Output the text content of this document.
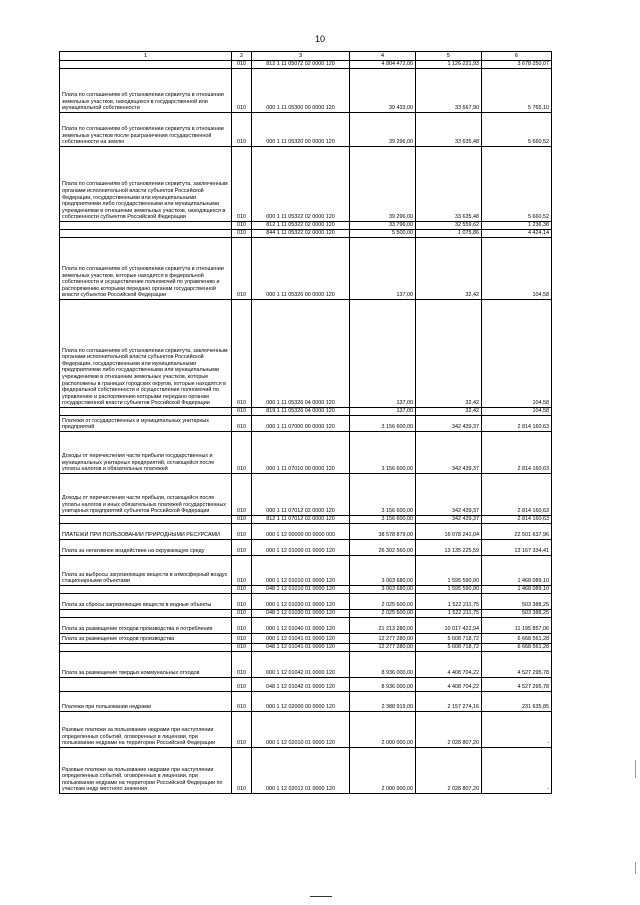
10
1	2	3	4	5	6
	010	812 1 11 05072 02 0000 120	4 804 472,00	1 126 221,93	3 678 250,07
Плата по соглашениям об установлении сервитута в отношении земельных участков, находящихся в государственной или муниципальной собственности	010	000 1 11 05300 00 0000 120	39 433,00	33 667,90	5 765,10
Плата по соглашениям об установлении сервитута в отношении земельных участков после разграничения государственной собственности на землю	010	000 1 11 05320 00 0000 120	39 296,00	33 635,48	5 660,52
Плата по соглашениям об установлении сервитута, заключенным органами исполнительной власти субъектов Российской Федерации, государственными или муниципальными предприятиями либо государственными или муниципальными учреждениями в отношении земельных участков, находящихся в собственности субъектов Российской Федерации	010	000 1 11 05322 02 0000 120	39 296,00	33 635,48	5 660,52
	010	812 1 11 05322 02 0000 120	33 796,00	32 559,62	1 236,38
	010	844 1 11 05322 02 0000 120	5 500,00	1 075,86	4 424,14
Плата по соглашениям об установлении сервитута в отношении земельных участков, которые находятся в федеральной собственности и осуществление полномочий по управлению и распоряжению которыми передано органам государственной власти субъектов Российской Федерации	010	000 1 11 05326 00 0000 120	137,00	32,42	104,58
Плата по соглашениям об установлении сервитута, заключенным органами исполнительной власти субъектов Российской Федерации, государственными или муниципальными предприятиями либо государственными или муниципальными учреждениями в отношении земельных участков, которые расположены в границах городских округов, которые находятся в федеральной собственности и осуществление полномочий по управлению и распоряжению которыми передано органам государственной власти субъектов Российской Федерации	010	000 1 11 05326 04 0000 120	137,00	32,42	104,58
	010	819 1 11 05326 04 0000 120	137,00	32,42	104,58
Платежи от государственных и муниципальных унитарных предприятий	010	000 1 11 07000 00 0000 120	3 156 600,00	342 439,37	2 814 160,63
Доходы от перечисления части прибыли государственных и муниципальных унитарных предприятий, остающейся после уплаты налогов и обязательных платежей	010	000 1 11 07010 00 0000 120	3 156 600,00	342 439,37	2 814 160,63
Доходы от перечисления части прибыли, остающейся после уплаты налогов и иных обязательных платежей государственных унитарных предприятий субъектов Российской Федерации	010	000 1 11 07012 02 0000 120	3 156 600,00	342 439,37	2 814 160,63
	010	812 1 11 07012 02 0000 120	3 156 600,00	342 439,37	2 814 160,63
ПЛАТЕЖИ ПРИ ПОЛЬЗОВАНИИ ПРИРОДНЫМИ РЕСУРСАМИ	010	000 1 12 00000 00 0000 000	38 578 879,00	16 078 241,04	22 501 637,96
Плата за негативное воздействие на окружающую среду	010	000 1 12 01000 01 0000 120	26 302 560,00	13 135 225,59	13 167 334,41
Плата за выбросы загрязняющих веществ в атмосферный воздух стационарными объектами	010	000 1 12 01010 01 0000 120	3 063 680,00	1 595 590,90	1 468 089,10
	010	048 1 12 01010 01 0000 120	3 063 680,00	1 595 590,90	1 468 089,10
Плата за сбросы загрязняющих веществ в водные объекты	010	000 1 12 01030 01 0000 120	2 025 600,00	1 522 211,75	503 388,25
	010	048 1 12 01030 01 0000 120	2 025 600,00	1 522 211,75	503 388,25
Плата за размещение отходов производства и потребления	010	000 1 12 01040 01 0000 120	21 213 280,00	10 017 422,94	11 195 857,06
Плата за размещение отходов производства	010	000 1 12 01041 01 0000 120	12 277 280,00	5 608 718,72	6 668 561,28
	010	048 1 12 01041 01 0000 120	12 277 280,00	5 608 718,72	6 668 561,28
Плата за размещение твердых коммунальных отходов	010	000 1 12 01042 01 0000 120	8 936 000,00	4 408 704,22	4 527 295,78
	010	048 1 12 01042 01 0000 120	8 936 000,00	4 408 704,22	4 527 295,78
Платежи при пользовании недрами	010	000 1 12 02000 00 0000 120	2 388 919,00	2 157 274,16	231 635,85
Разовые платежи за пользование недрами при наступлении определенных событий, оговоренных в лицензии, при пользовании недрами на территории Российской Федерации	010	000 1 12 02010 01 0000 120	2 000 000,00	2 028 807,20	-
Разовые платежи за пользование недрами при наступлении определенных событий, оговоренных в лицензии, при пользовании недрами на территории Российской Федерации по участкам недр местного значения	010	000 1 12 02012 01 0000 120	2 000 000,00	2 028 807,20	-
